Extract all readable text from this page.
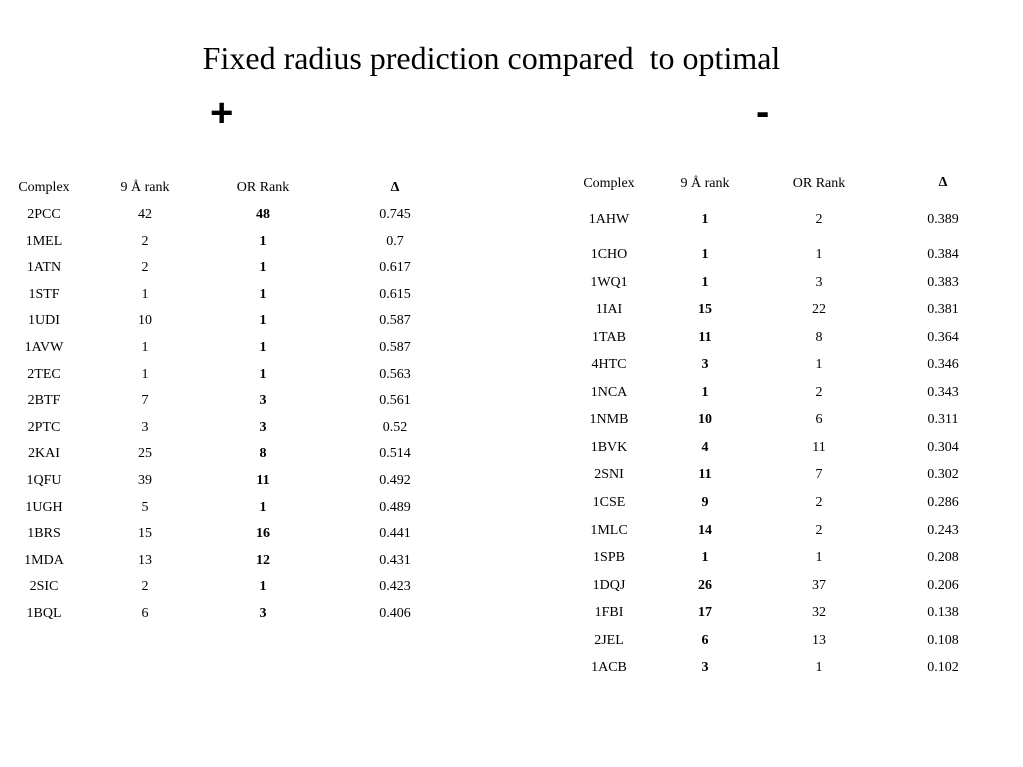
Fixed radius prediction compared  to optimal
+	-
Complex	9 Å rank	OR Rank	Δ
2PCC	42	48	0.745
1MEL	2	1	0.7
1ATN	2	1	0.617
1STF	1	1	0.615
1UDI	10	1	0.587
1AVW	1	1	0.587
2TEC	1	1	0.563
2BTF	7	3	0.561
2PTC	3	3	0.52
2KAI	25	8	0.514
1QFU	39	11	0.492
1UGH	5	1	0.489
1BRS	15	16	0.441
1MDA	13	12	0.431
2SIC	2	1	0.423
1BQL	6	3	0.406
Complex	9 Å rank	OR Rank	Δ
1AHW	1	2	0.389
1CHO	1	1	0.384
1WQ1	1	3	0.383
1IAI	15	22	0.381
1TAB	11	8	0.364
4HTC	3	1	0.346
1NCA	1	2	0.343
1NMB	10	6	0.311
1BVK	4	11	0.304
2SNI	11	7	0.302
1CSE	9	2	0.286
1MLC	14	2	0.243
1SPB	1	1	0.208
1DQJ	26	37	0.206
1FBI	17	32	0.138
2JEL	6	13	0.108
1ACB	3	1	0.102
